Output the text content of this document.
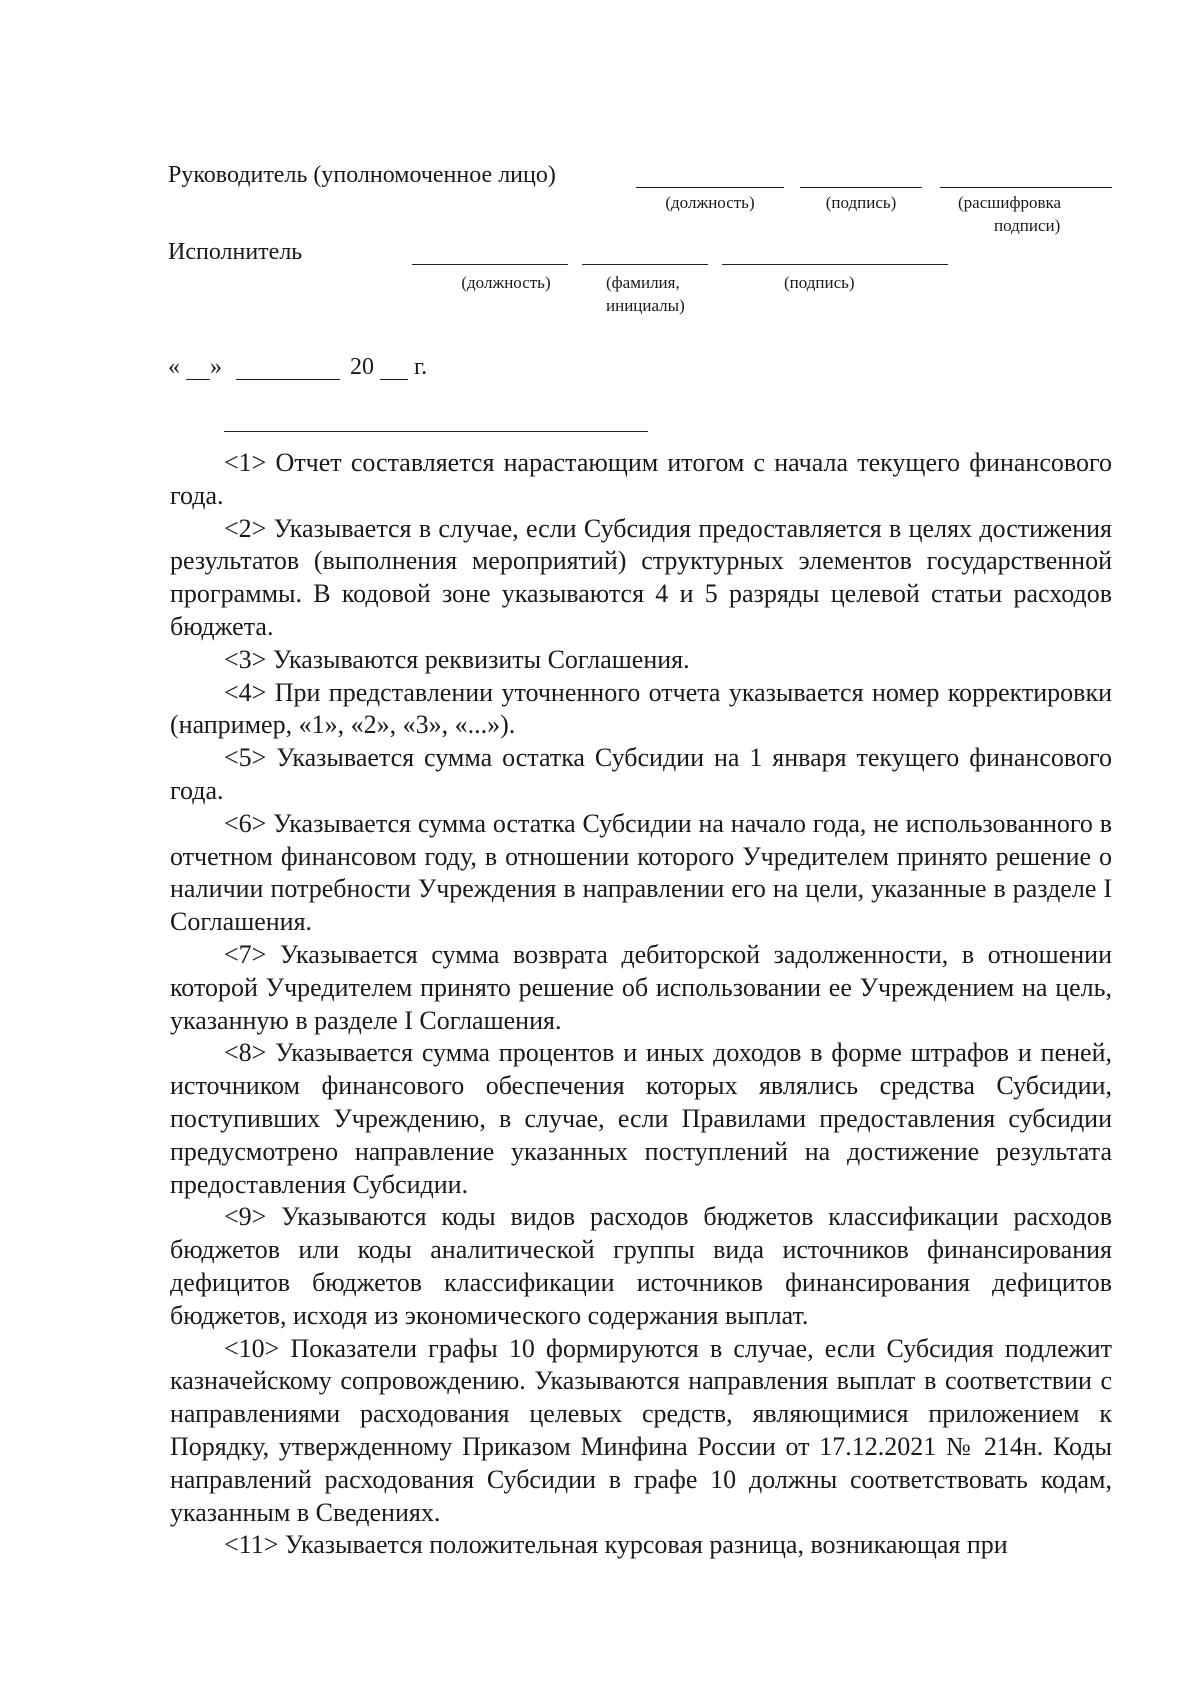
Руководитель (уполномоченное лицо)
(должность)	(подпись)	(расшифровка
подписи)
Исполнитель
(должность)	(фамилия,
инициалы)
(подпись)
« »	20 г.

<1> Отчет составляется нарастающим итогом с начала текущего финансового года.

<2> Указывается в случае, если Субсидия предоставляется в целях достижения результатов (выполнения мероприятий) структурных элементов государственной программы. В кодовой зоне указываются 4 и 5 разряды целевой статьи расходов бюджета.

<3> Указываются реквизиты Соглашения.

<4> При представлении уточненного отчета указывается номер корректировки (например, «1», «2», «3», «...»).

<5> Указывается сумма остатка Субсидии на 1 января текущего финансового года.

<6> Указывается сумма остатка Субсидии на начало года, не использованного в отчетном финансовом году, в отношении которого Учредителем принято решение о наличии потребности Учреждения в направлении его на цели, указанные в разделе I Соглашения.

<7> Указывается сумма возврата дебиторской задолженности, в отношении которой Учредителем принято решение об использовании ее Учреждением на цель, указанную в разделе I Соглашения.

<8> Указывается сумма процентов и иных доходов в форме штрафов и пеней, источником финансового обеспечения которых являлись средства Субсидии, поступивших Учреждению, в случае, если Правилами предоставления субсидии предусмотрено направление указанных поступлений на достижение результата предоставления Субсидии.

<9> Указываются коды видов расходов бюджетов классификации расходов бюджетов или коды аналитической группы вида источников финансирования дефицитов бюджетов классификации источников финансирования дефицитов бюджетов, исходя из экономического содержания выплат.

<10> Показатели графы 10 формируются в случае, если Субсидия подлежит казначейскому сопровождению. Указываются направления выплат в соответствии с направлениями расходования целевых средств, являющимися приложением к Порядку, утвержденному Приказом Минфина России от 17.12.2021 № 214н. Коды направлений расходования Субсидии в графе 10 должны соответствовать кодам, указанным в Сведениях.

<11> Указывается положительная курсовая разница, возникающая при
